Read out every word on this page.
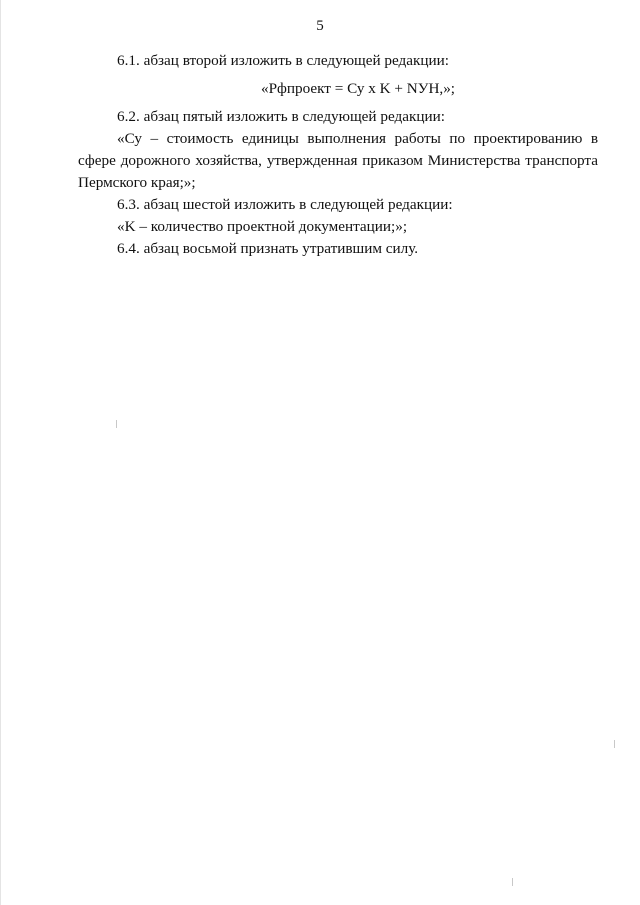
5

6.1. абзац второй изложить в следующей редакции:

«Рфпроект = Су x K + NУН,»;

6.2. абзац пятый изложить в следующей редакции:

«Су – стоимость единицы выполнения работы по проектированию в сфере дорожного хозяйства, утвержденная приказом Министерства транспорта Пермского края;»;

6.3. абзац шестой изложить в следующей редакции:

«K – количество проектной документации;»;

6.4. абзац восьмой признать утратившим силу.
